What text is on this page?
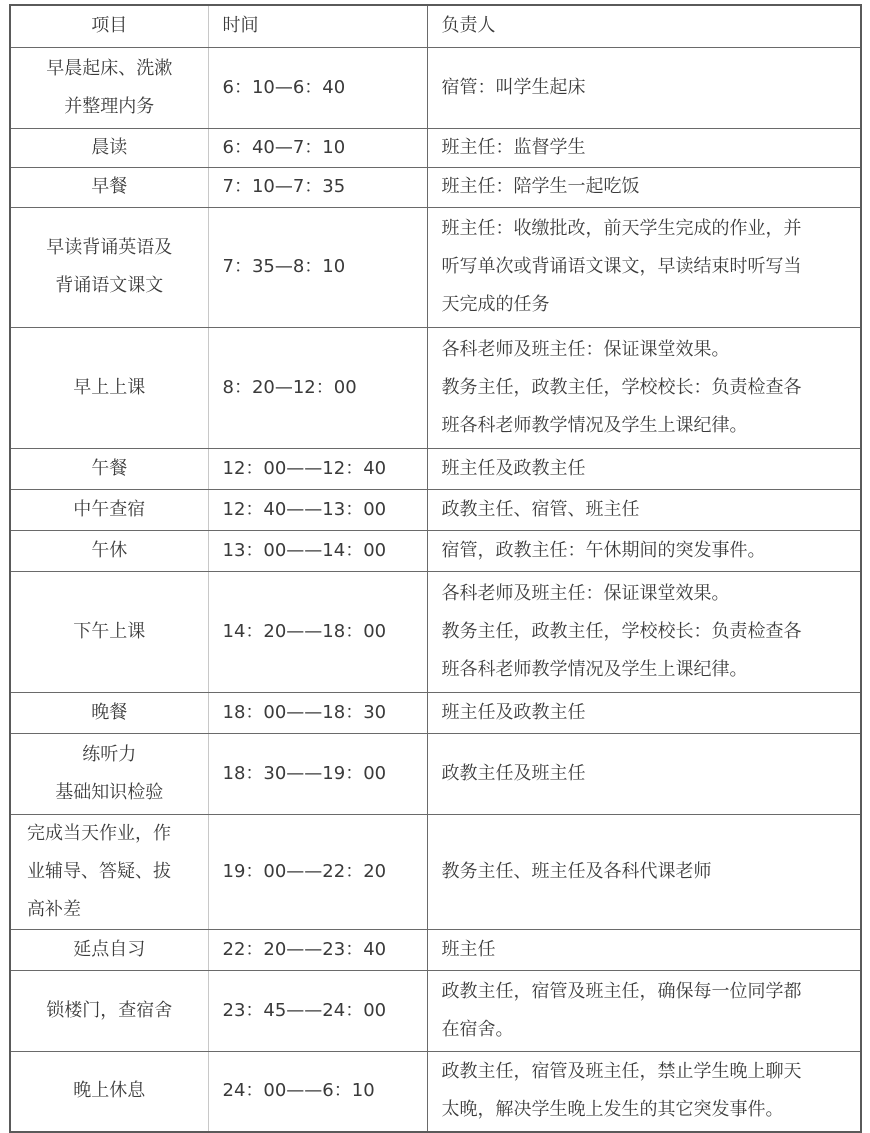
项目	时间	负责人

早晨起床、洗漱
并整理内务	6：10—6：40	宿管：叫学生起床

晨读	6：40—7：10	班主任：监督学生

早餐	7：10—7：35	班主任：陪学生一起吃饭

早读背诵英语及
背诵语文课文	7：35—8：10	班主任：收缴批改，前天学生完成的作业，并
听写单次或背诵语文课文，早读结束时听写当
天完成的任务

早上上课	8：20—12：00	各科老师及班主任：保证课堂效果。
教务主任，政教主任，学校校长：负责检查各
班各科老师教学情况及学生上课纪律。

午餐	12：00——12：40	班主任及政教主任

中午查宿	12：40——13：00	政教主任、宿管、班主任

午休	13：00——14：00	宿管，政教主任：午休期间的突发事件。

下午上课	14：20——18：00	各科老师及班主任：保证课堂效果。
教务主任，政教主任，学校校长：负责检查各
班各科老师教学情况及学生上课纪律。

晚餐	18：00——18：30	班主任及政教主任

练听力
基础知识检验	18：30——19：00	政教主任及班主任

完成当天作业，作
业辅导、答疑、拔
高补差	19：00——22：20	教务主任、班主任及各科代课老师

延点自习	22：20——23：40	班主任

锁楼门，查宿舍	23：45——24：00	政教主任，宿管及班主任，确保每一位同学都
在宿舍。

晚上休息	24：00——6：10	政教主任，宿管及班主任，禁止学生晚上聊天
太晚，解决学生晚上发生的其它突发事件。
